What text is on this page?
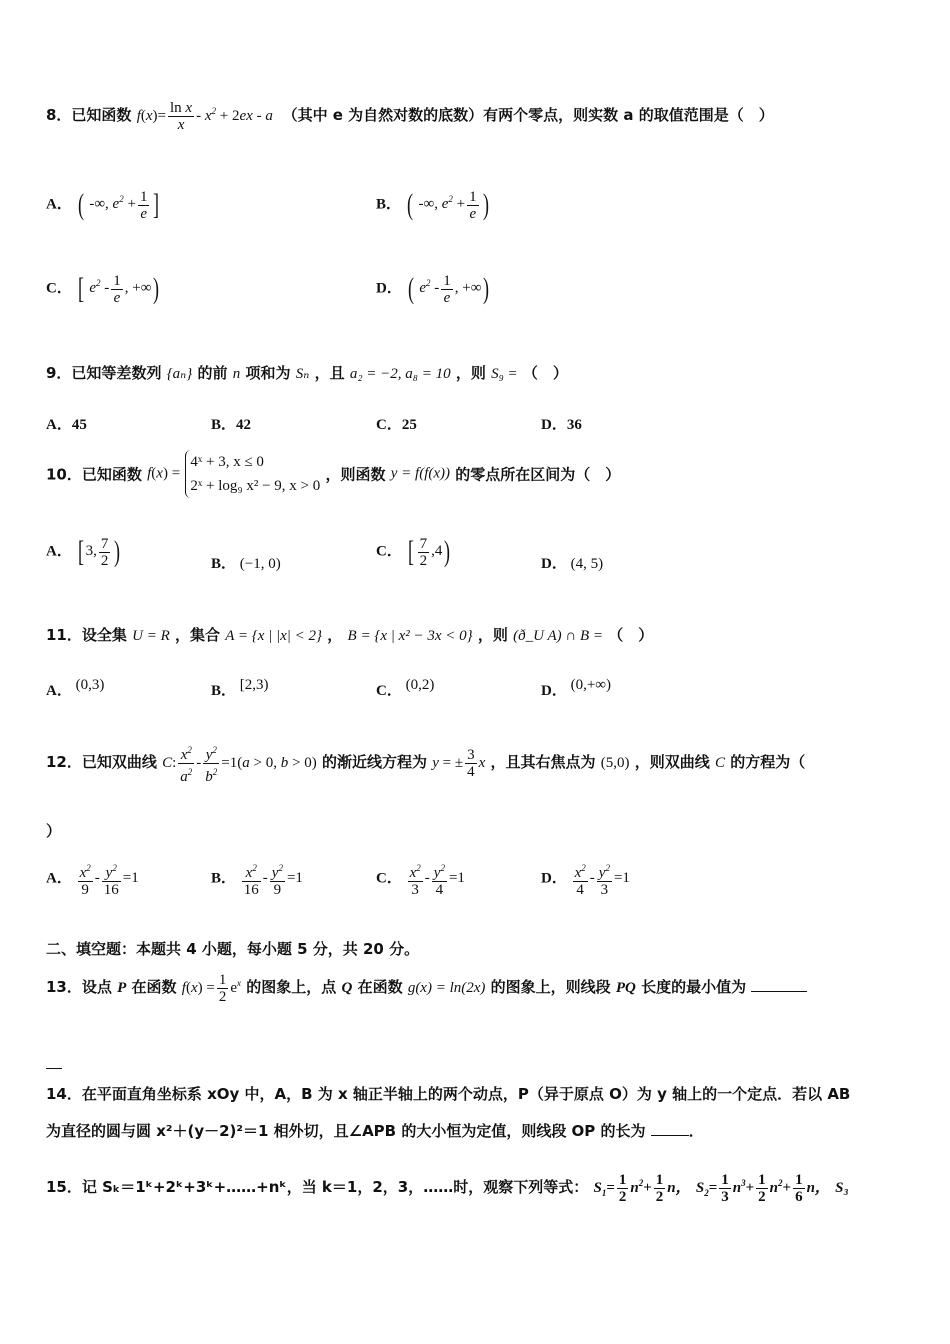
8．已知函数 $f(x)= \frac{\text{ln x}}{x} - x^2 + 2ex - a$ （其中 e 为自然对数的底数）有两个零点，则实数 a 的取值范围是（　）
A． ( -∞, $e^2 + \frac{1}{e}$ ]	B． ( -∞, $e^2 + \frac{1}{e}$ )
C． [ $e^2 - \frac{1}{e}$ , +∞)	D． ( $e^2 - \frac{1}{e}$ , +∞)
9．已知等差数列 {aₙ} 的前 n 项和为 Sₙ ，且 a₂ = −2, a₈ = 10 ，则 S₉ = （　）
A．45	B．42	C．25	D．36
10．已知函数 f(x) =
4ˣ + 3, x ≤ 0
2ˣ + log₉ x² − 9, x > 0
，则函数 y = f(f(x)) 的零点所在区间为（　）
A． [ 3, $\frac{7}{2}$ )	B． (−1, 0)
C． [ $\frac{7}{2} ,4$)	D． (4, 5)
11．设全集 U = R ，集合 A = {x | |x| < 2} ， B = {x | x² − 3x < 0} ，则 (ð_U A) ∩ B = （　）
A． (0,3)	B． [2,3)	C． (0,2)	D． (0,+∞)
12．已知双曲线 C: $\frac{x^2}{a^2} - \frac{y^2}{b^2} =1(a > 0$, b > 0) 的渐近线方程为 y = ± $\frac{3}{4}$ x ，且其右焦点为 (5,0) ，则双曲线 C 的方程为（
）
A． $\frac{x^2}{9} - \frac{y^2}{16} =1$	B． $\frac{x^2}{16} - \frac{y^2}{9} =1$	C． $\frac{x^2}{3} - \frac{y^2}{4} =1$	D． $\frac{x^2}{4} - \frac{y^2}{3} =1$
二、填空题：本题共 4 小题，每小题 5 分，共 20 分。
13．设点 P 在函数 $f(x) = \frac{1}{2} e^x$ 的图象上，点 Q 在函数 g(x) = ln(2x) 的图象上，则线段 PQ 长度的最小值为
14．在平面直角坐标系 xOy 中，A，B 为 x 轴正半轴上的两个动点，P（异于原点 O）为 y 轴上的一个定点．若以 AB
为直径的圆与圆 x²＋(y－2)²＝1 相外切，且∠APB 的大小恒为定值，则线段 OP 的长为	．
15．记 Sₖ＝1ᵏ+2ᵏ+3ᵏ+……+nᵏ，当 k＝1，2，3，……时，观察下列等式： $S_1= \frac{1}{2} n^2+ \frac{1}{2}$ n， $S_2= \frac{1}{3} n^3+ \frac{1}{2} n^2+ \frac{1}{6}$ n， S₃
